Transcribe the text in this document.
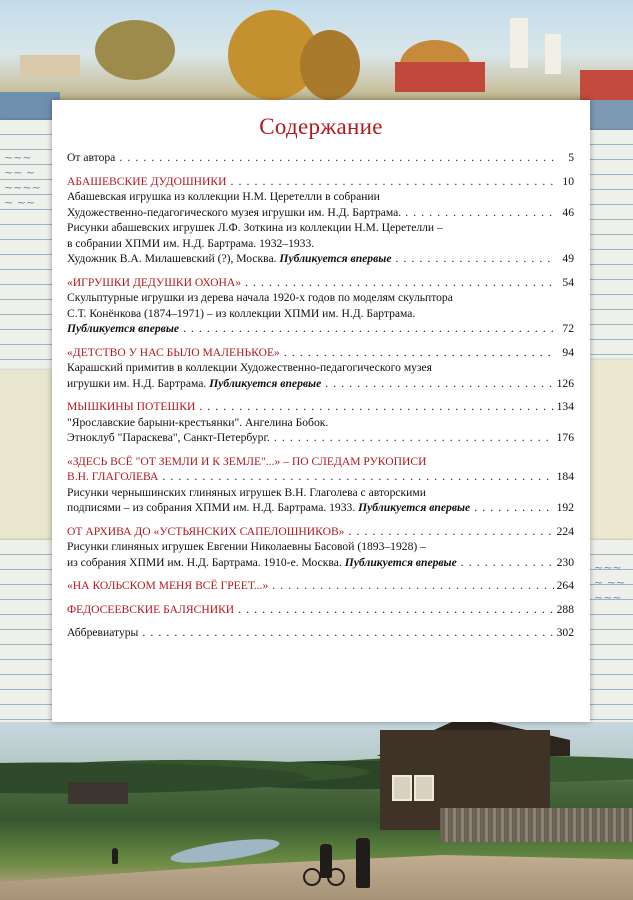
~~~
~~ ~
~~~~
~ ~~
~~~
~ ~~
~~~
Содержание
От автора . . .	5
АБАШЕВСКИЕ ДУДОШНИКИ . . .	10
Абашевская игрушка из коллекции Н.М. Церетелли в собрании
Художественно-педагогического музея игрушки им. Н.Д. Бартрама. . . .	46
Рисунки абашевских игрушек Л.Ф. Зоткина из коллекции Н.М. Церетелли –
в собрании ХПМИ им. Н.Д. Бартрама. 1932–1933.
Художник В.А. Милашевский (?), Москва.
Публикуется впервые . . .	49
«ИГРУШКИ ДЕДУШКИ ОХОНА» . . .	54
Скульптурные игрушки из дерева начала 1920-х годов по моделям скульптора
С.Т. Конёнкова (1874–1971) – из коллекции ХПМИ им. Н.Д. Бартрама.
Публикуется впервые . . .	72
«ДЕТСТВО У НАС БЫЛО МАЛЕНЬКОЕ» . . .	94
Карашский примитив в коллекции Художественно-педагогического музея
игрушки им. Н.Д. Бартрама.
Публикуется впервые . . .	126
МЫШКИНЫ ПОТЕШКИ . . .	134
"Ярославские барыни-крестьянки". Ангелина Бобок.
Этноклуб "Параскева", Санкт-Петербург. . . .	176
«ЗДЕСЬ ВСЁ "ОТ ЗЕМЛИ И К ЗЕМЛЕ"...» – ПО СЛЕДАМ РУКОПИСИ
В.Н. ГЛАГОЛЕВА . . .	184
Рисунки чернышинских глиняных игрушек В.Н. Глаголева с авторскими
подписями – из собрания ХПМИ им. Н.Д. Бартрама. 1933.
Публикуется впервые . . .	192
ОТ АРХИВА ДО «УСТЬЯНСКИХ САПЕЛОШНИКОВ» . . .	224
Рисунки глиняных игрушек Евгении Николаевны Басовой (1893–1928) –
из собрания ХПМИ им. Н.Д. Бартрама. 1910-е. Москва.
Публикуется впервые . . .	230
«НА КОЛЬСКОМ МЕНЯ ВСЁ ГРЕЕТ...» . . .	264
ФЕДОСЕЕВСКИЕ БАЛЯСНИКИ . . .	288
Аббревиатуры . . .	302
